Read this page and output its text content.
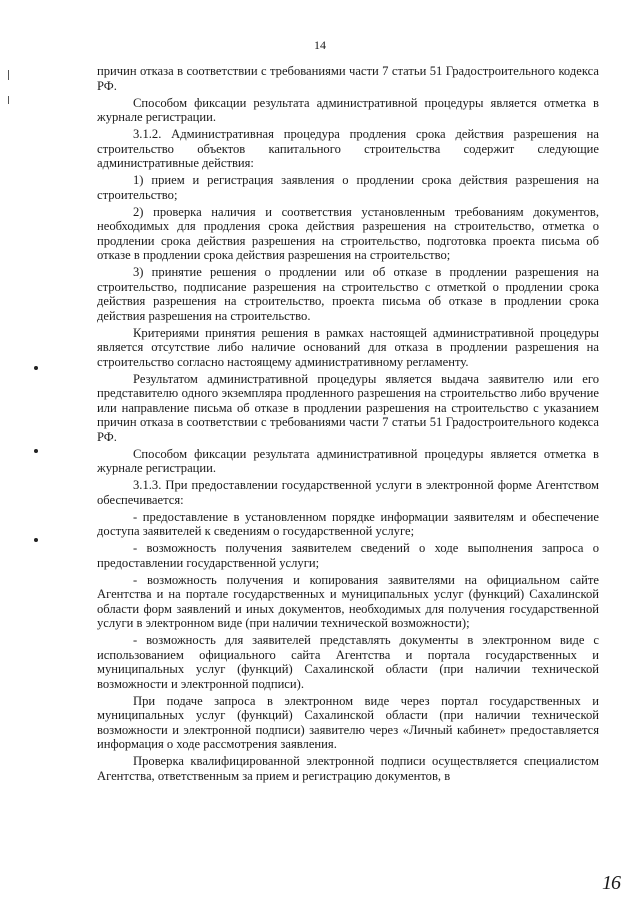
14

причин отказа в соответствии с требованиями части 7 статьи 51 Градостроительного кодекса РФ.

Способом фиксации результата административной процедуры является отметка в журнале регистрации.

3.1.2. Административная процедура продления срока действия разрешения на строительство объектов капитального строительства содержит следующие административные действия:

1) прием и регистрация заявления о продлении срока действия разрешения на строительство;

2) проверка наличия и соответствия установленным требованиям документов, необходимых для продления срока действия разрешения на строительство, отметка о продлении срока действия разрешения на строительство, подготовка проекта письма об отказе в продлении срока действия разрешения на строительство;

3) принятие решения о продлении или об отказе в продлении разрешения на строительство, подписание разрешения на строительство с отметкой о продлении срока действия разрешения на строительство, проекта письма об отказе в продлении срока действия разрешения на строительство.

Критериями принятия решения в рамках настоящей административной процедуры является отсутствие либо наличие оснований для отказа в продлении разрешения на строительство согласно настоящему административному регламенту.

Результатом административной процедуры является выдача заявителю или его представителю одного экземпляра продленного разрешения на строительство либо вручение или направление письма об отказе в продлении разрешения на строительство с указанием причин отказа в соответствии с требованиями части 7 статьи 51 Градостроительного кодекса РФ.

Способом фиксации результата административной процедуры является отметка в журнале регистрации.

3.1.3. При предоставлении государственной услуги в электронной форме Агентством обеспечивается:

- предоставление в установленном порядке информации заявителям и обеспечение доступа заявителей к сведениям о государственной услуге;

- возможность получения заявителем сведений о ходе выполнения запроса о предоставлении государственной услуги;

- возможность получения и копирования заявителями на официальном сайте Агентства и на портале государственных и муниципальных услуг (функций) Сахалинской области форм заявлений и иных документов, необходимых для получения государственной услуги в электронном виде (при наличии технической возможности);

- возможность для заявителей представлять документы в электронном виде с использованием официального сайта Агентства и портала государственных и муниципальных услуг (функций) Сахалинской области (при наличии технической возможности и электронной подписи).

При подаче запроса в электронном виде через портал государственных и муниципальных услуг (функций) Сахалинской области (при наличии технической возможности и электронной подписи) заявителю через «Личный кабинет» предоставляется информация о ходе рассмотрения заявления.

Проверка квалифицированной электронной подписи осуществляется специалистом Агентства, ответственным за прием и регистрацию документов, в

16
